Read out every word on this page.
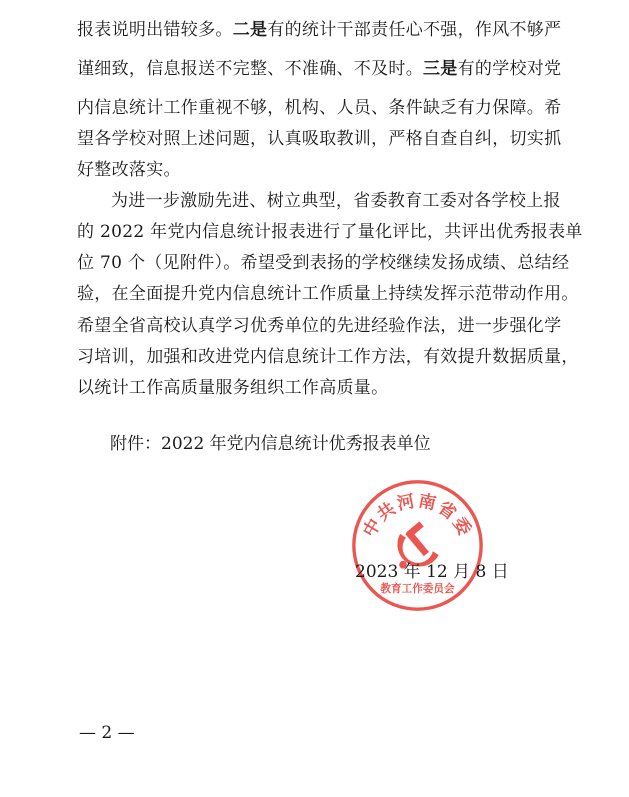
报表说明出错较多。二是有的统计干部责任心不强，作风不够严
谨细致，信息报送不完整、不准确、不及时。三是有的学校对党
内信息统计工作重视不够，机构、人员、条件缺乏有力保障。希
望各学校对照上述问题，认真吸取教训，严格自查自纠，切实抓
好整改落实。
为进一步激励先进、树立典型，省委教育工委对各学校上报
的 2022 年党内信息统计报表进行了量化评比，共评出优秀报表单
位 70 个（见附件）。希望受到表扬的学校继续发扬成绩、总结经
验，在全面提升党内信息统计工作质量上持续发挥示范带动作用。
希望全省高校认真学习优秀单位的先进经验作法，进一步强化学
习培训，加强和改进党内信息统计工作方法，有效提升数据质量，
以统计工作高质量服务组织工作高质量。
附件：2022 年党内信息统计优秀报表单位
中共河南省委
教育工作委员会
2023 年 12 月 8 日
— 2 —
